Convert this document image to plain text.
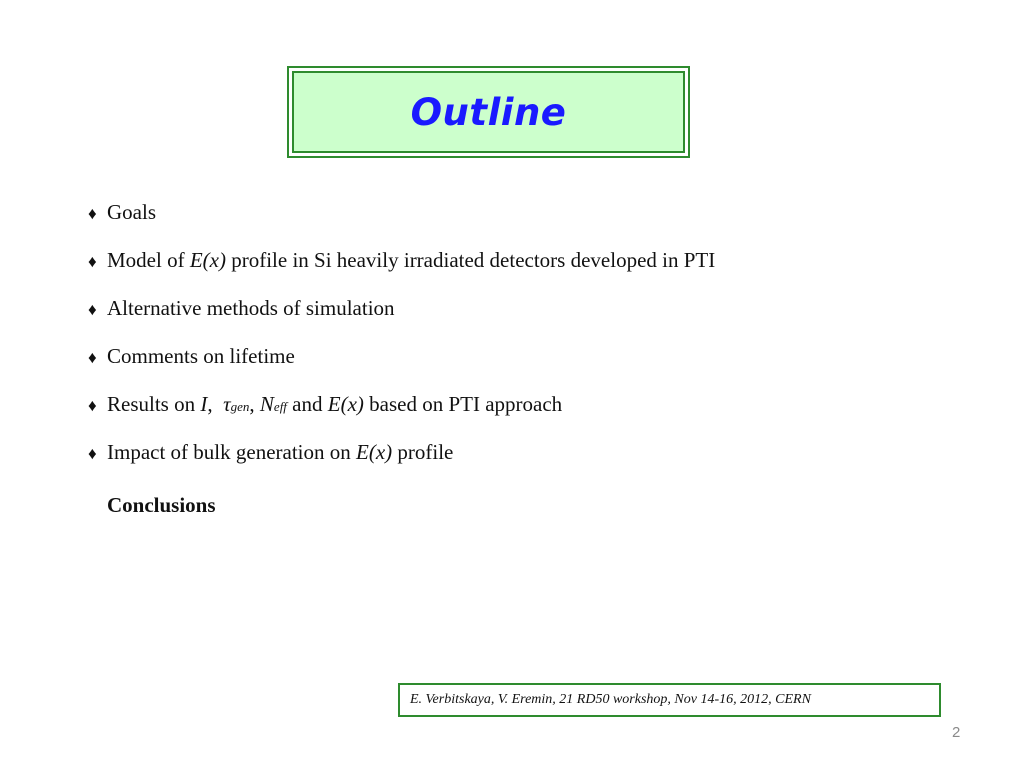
Outline
♦ Goals
♦ Model of E(x) profile in Si heavily irradiated detectors developed in PTI
♦ Alternative methods of simulation
♦ Comments on lifetime
♦ Results on I , τ gen , N eff and E(x) based on PTI approach
♦ Impact of bulk generation on E(x) profile
Conclusions
E. Verbitskaya, V. Eremin, 21 RD50 workshop, Nov 14-16, 2012, CERN
2
